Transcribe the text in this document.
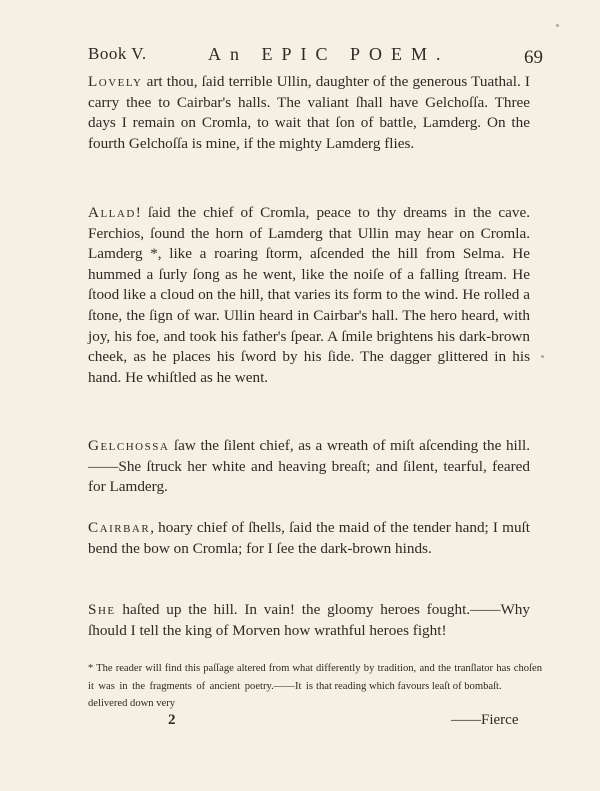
Book V.	An EPIC POEM.	69

Lovely art thou, ſaid terrible Ullin, daughter of the generous Tuathal. I carry thee to Cairbar's halls. The valiant ſhall have Gelchoſſa. Three days I remain on Cromla, to wait that ſon of battle, Lamderg. On the fourth Gelchoſſa is mine, if the mighty Lamderg flies.

Allad! ſaid the chief of Cromla, peace to thy dreams in the cave. Ferchios, ſound the horn of Lamderg that Ullin may hear on Cromla. Lamderg *, like a roaring ſtorm, aſcended the hill from Selma. He hummed a ſurly ſong as he went, like the noiſe of a falling ſtream. He ſtood like a cloud on the hill, that varies its form to the wind. He rolled a ſtone, the ſign of war. Ullin heard in Cairbar's hall. The hero heard, with joy, his foe, and took his father's ſpear. A ſmile brightens his dark-brown cheek, as he places his ſword by his ſide. The dagger glittered in his hand. He whiſtled as he went.

Gelchossa ſaw the ſilent chief, as a wreath of miſt aſcending the hill.——She ſtruck her white and heaving breaſt; and ſilent, tearful, feared for Lamderg.

Cairbar, hoary chief of ſhells, ſaid the maid of the tender hand; I muſt bend the bow on Cromla; for I ſee the dark-brown hinds.

She haſted up the hill. In vain! the gloomy heroes fought.——Why ſhould I tell the king of Morven how wrathful heroes fight!

* The reader will find this paſſage altered from what it was in the fragments of ancient poetry.——It is delivered down very
differently by tradition, and the tranſlator has choſen that reading which favours leaſt of bombaſt.
2	——Fierce
